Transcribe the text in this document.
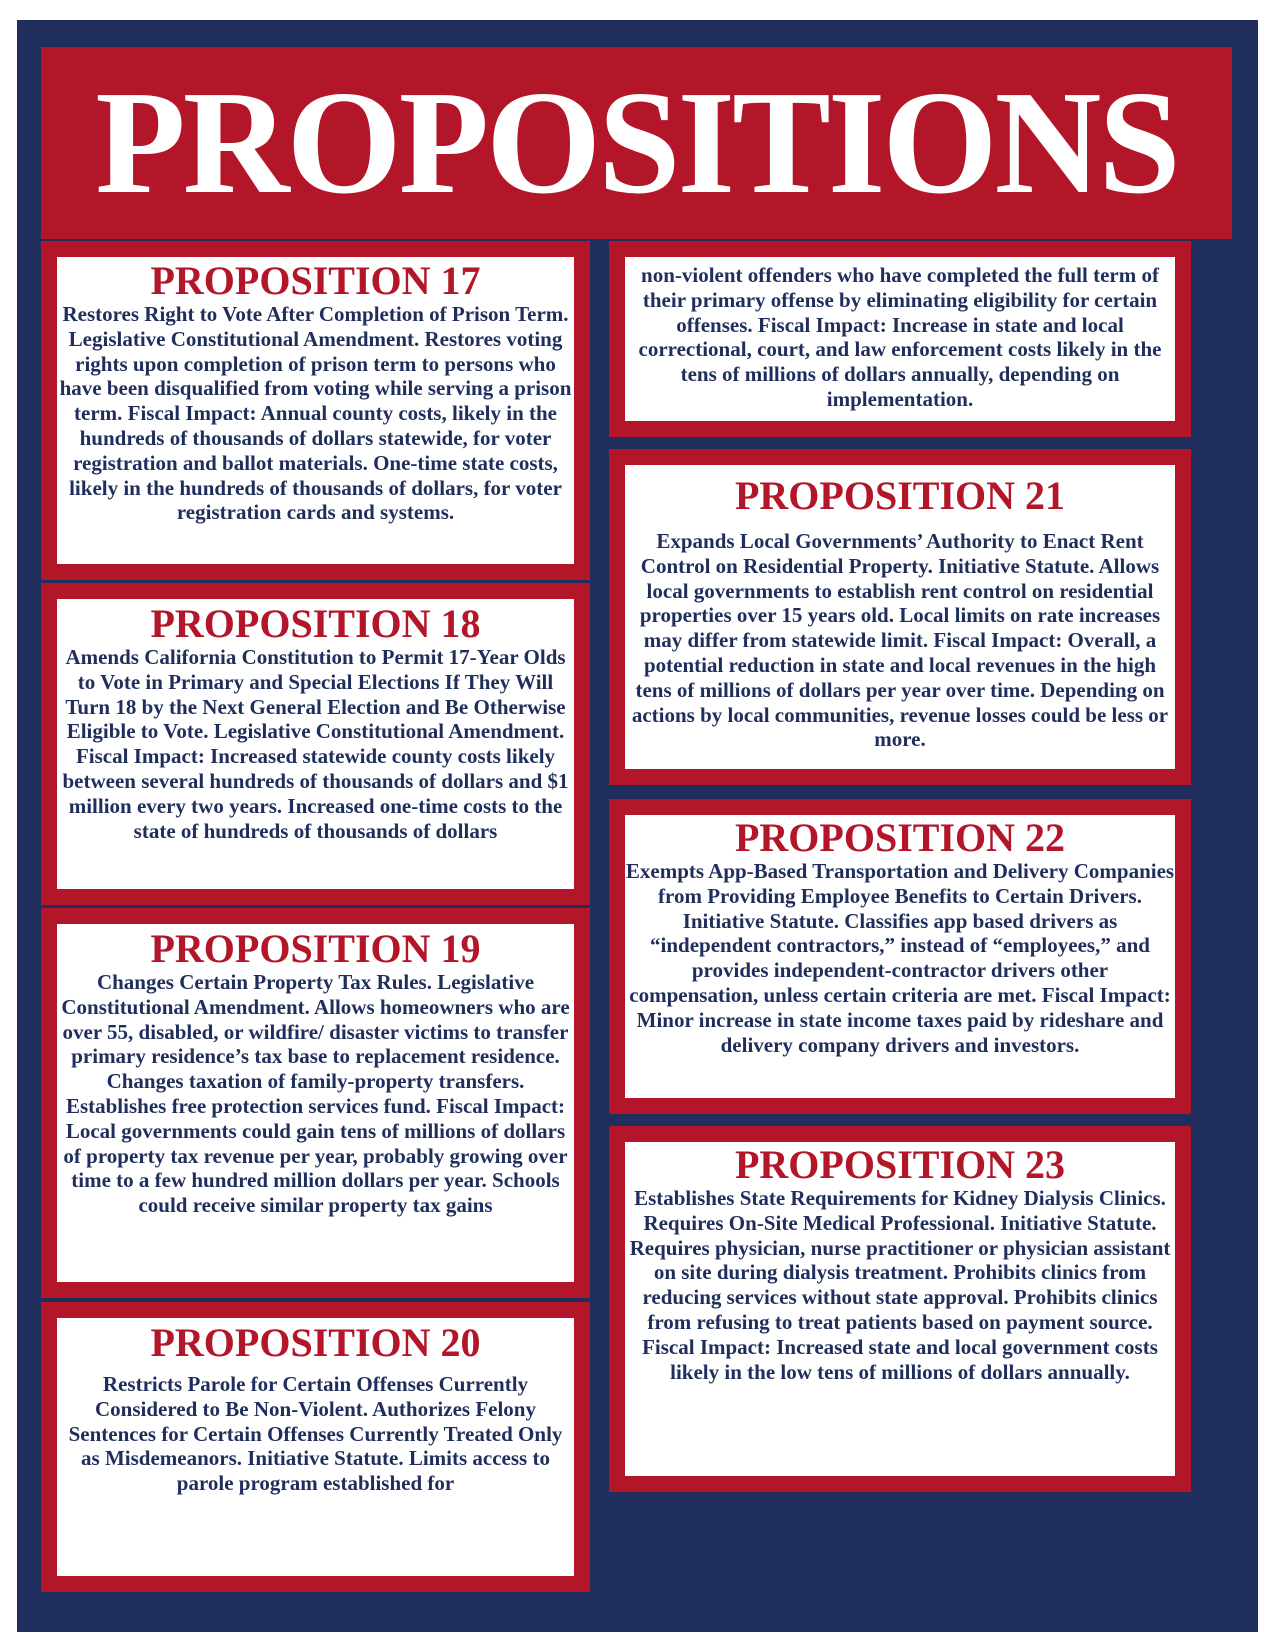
PROPOSITIONS

PROPOSITION 17

Restores Right to Vote After Completion of Prison Term. Legislative Constitutional Amendment. Restores voting rights upon completion of prison term to persons who have been disqualified from voting while serving a prison term. Fiscal Impact: Annual county costs, likely in the hundreds of thousands of dollars statewide, for voter registration and ballot materials. One-time state costs, likely in the hundreds of thousands of dollars, for voter registration cards and systems.

PROPOSITION 18

Amends California Constitution to Permit 17-Year Olds to Vote in Primary and Special Elections If They Will Turn 18 by the Next General Election and Be Otherwise Eligible to Vote. Legislative Constitutional Amendment. Fiscal Impact: Increased statewide county costs likely between several hundreds of thousands of dollars and $1 million every two years. Increased one-time costs to the state of hundreds of thousands of dollars

PROPOSITION 19

Changes Certain Property Tax Rules. Legislative Constitutional Amendment. Allows homeowners who are over 55, disabled, or wildfire/ disaster victims to transfer primary residence’s tax base to replacement residence. Changes taxation of family-property transfers. Establishes free protection services fund. Fiscal Impact: Local governments could gain tens of millions of dollars of property tax revenue per year, probably growing over time to a few hundred million dollars per year. Schools could receive similar property tax gains

PROPOSITION 20

Restricts Parole for Certain Offenses Currently Considered to Be Non-Violent. Authorizes Felony Sentences for Certain Offenses Currently Treated Only as Misdemeanors. Initiative Statute. Limits access to parole program established for

non-violent offenders who have completed the full term of their primary offense by eliminating eligibility for certain offenses. Fiscal Impact: Increase in state and local correctional, court, and law enforcement costs likely in the tens of millions of dollars annually, depending on implementation.

PROPOSITION 21

Expands Local Governments’ Authority to Enact Rent Control on Residential Property. Initiative Statute. Allows local governments to establish rent control on residential properties over 15 years old. Local limits on rate increases may differ from statewide limit. Fiscal Impact: Overall, a potential reduction in state and local revenues in the high tens of millions of dollars per year over time. Depending on actions by local communities, revenue losses could be less or more.

PROPOSITION 22

Exempts App-Based Transportation and Delivery Companies from Providing Employee Benefits to Certain Drivers. Initiative Statute. Classifies app based drivers as “independent contractors,” instead of “employees,” and provides independent-contractor drivers other compensation, unless certain criteria are met. Fiscal Impact: Minor increase in state income taxes paid by rideshare and delivery company drivers and investors.

PROPOSITION 23

Establishes State Requirements for Kidney Dialysis Clinics. Requires On-Site Medical Professional. Initiative Statute. Requires physician, nurse practitioner or physician assistant on site during dialysis treatment. Prohibits clinics from reducing services without state approval. Prohibits clinics from refusing to treat patients based on payment source. Fiscal Impact: Increased state and local government costs likely in the low tens of millions of dollars annually.
